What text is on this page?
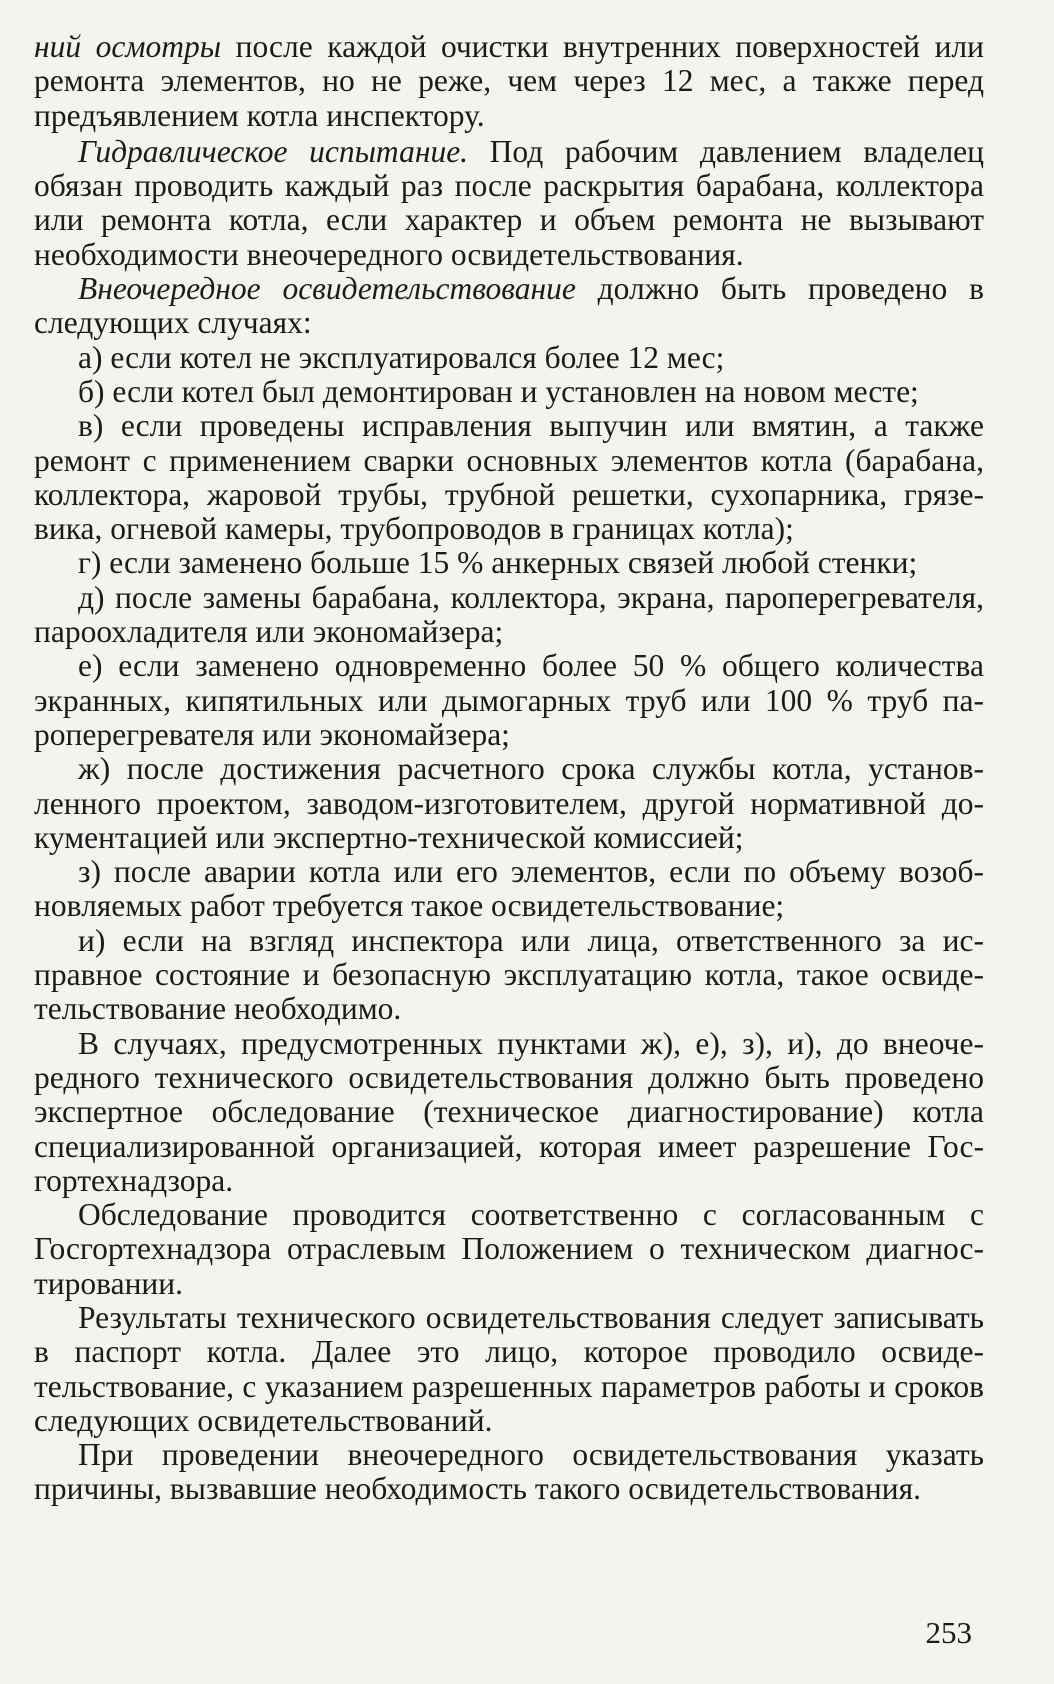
ний осмотры после каждой очистки внутренних поверхностей или ремонта элементов, но не реже, чем через 12 мес, а также перед предъявлением котла инспектору.

Гидравлическое испытание. Под рабочим давлением владелец обязан проводить каждый раз после раскрытия барабана, коллектора или ремонта котла, если характер и объем ремонта не вызывают необходимости внеочередного освидетельствования.

Внеочередное освидетельствование должно быть проведено в следующих случаях:

а) если котел не эксплуатировался более 12 мес;

б) если котел был демонтирован и установлен на новом месте;

в) если проведены исправления выпучин или вмятин, а также ремонт с применением сварки основных элементов котла (барабана, коллектора, жаровой трубы, трубной решетки, сухопарника, грязевика, огневой камеры, трубопроводов в границах котла);

г) если заменено больше 15 % анкерных связей любой стенки;

д) после замены барабана, коллектора, экрана, пароперегревателя, пароохладителя или экономайзера;

е) если заменено одновременно более 50 % общего количества экранных, кипятильных или дымогарных труб или 100 % труб пароперегревателя или экономайзера;

ж) после достижения расчетного срока службы котла, установленного проектом, заводом-изготовителем, другой нормативной документацией или экспертно-технической комиссией;

з) после аварии котла или его элементов, если по объему возобновляемых работ требуется такое освидетельствование;

и) если на взгляд инспектора или лица, ответственного за исправное состояние и безопасную эксплуатацию котла, такое освидетельствование необходимо.

В случаях, предусмотренных пунктами ж), е), з), и), до внеочередного технического освидетельствования должно быть проведено экспертное обследование (техническое диагностирование) котла специализированной организацией, которая имеет разрешение Госгортехнадзора.

Обследование проводится соответственно с согласованным с Госгортехнадзора отраслевым Положением о техническом диагностировании.

Результаты технического освидетельствования следует записывать в паспорт котла. Далее это лицо, которое проводило освидетельствование, с указанием разрешенных параметров работы и сроков следующих освидетельствований.

При проведении внеочередного освидетельствования указать причины, вызвавшие необходимость такого освидетельствования.

253
